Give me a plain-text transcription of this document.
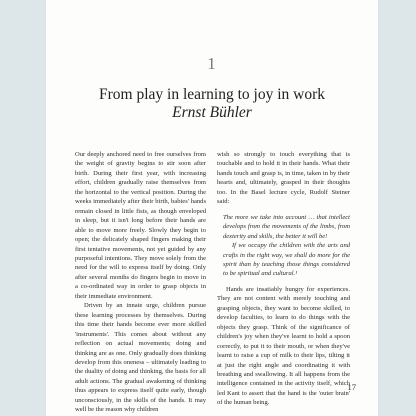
1
From play in learning to joy in work
Ernst Bühler

Our deeply anchored need to free ourselves from the weight of gravity begins to stir soon after birth. During their first year, with increasing effort, children gradually raise themselves from the horizontal to the vertical position. During the weeks immediately after their birth, babies' hands remain closed in little fists, as though enveloped in sleep, but it isn't long before their hands are able to move more freely. Slowly they begin to open; the delicately shaped fingers making their first tentative movements, not yet guided by any purposeful intentions. They move solely from the need for the will to express itself by doing. Only after several months do fingers begin to move in a co-ordinated way in order to grasp objects in their immediate environment.

Driven by an innate urge, children pursue these learning processes by themselves. During this time their hands become ever more skilled 'instruments'. This comes about without any reflection on actual movements; doing and thinking are as one. Only gradually does thinking develop from this oneness – ultimately leading to the duality of doing and thinking, the basis for all adult actions. The gradual awakening of thinking thus appears to express itself quite early, though unconsciously, in the skills of the hands. It may well be the reason why children

wish so strongly to touch everything that is touchable and to hold it in their hands. What their hands touch and grasp is, in time, taken in by their hearts and, ultimately, grasped in their thoughts too. In the Basel lecture cycle, Rudolf Steiner said:

The more we take into account … that intellect develops from the movements of the limbs, from dexterity and skills, the better it will be!
If we occupy the children with the arts and crafts in the right way, we shall do more for the spirit than by teaching those things considered to be spiritual and cultural.¹

Hands are insatiably hungry for experiences. They are not content with merely touching and grasping objects, they want to become skilled, to develop faculties, to learn to do things with the objects they grasp. Think of the significance of children's joy when they've learnt to hold a spoon correctly, to put it to their mouth, or when they've learnt to raise a cup of milk to their lips, tilting it at just the right angle and coordinating it with breathing and swallowing. It all happens from the intelligence contained in the activity itself, which led Kant to assert that the hand is the 'outer brain' of the human being.

17
